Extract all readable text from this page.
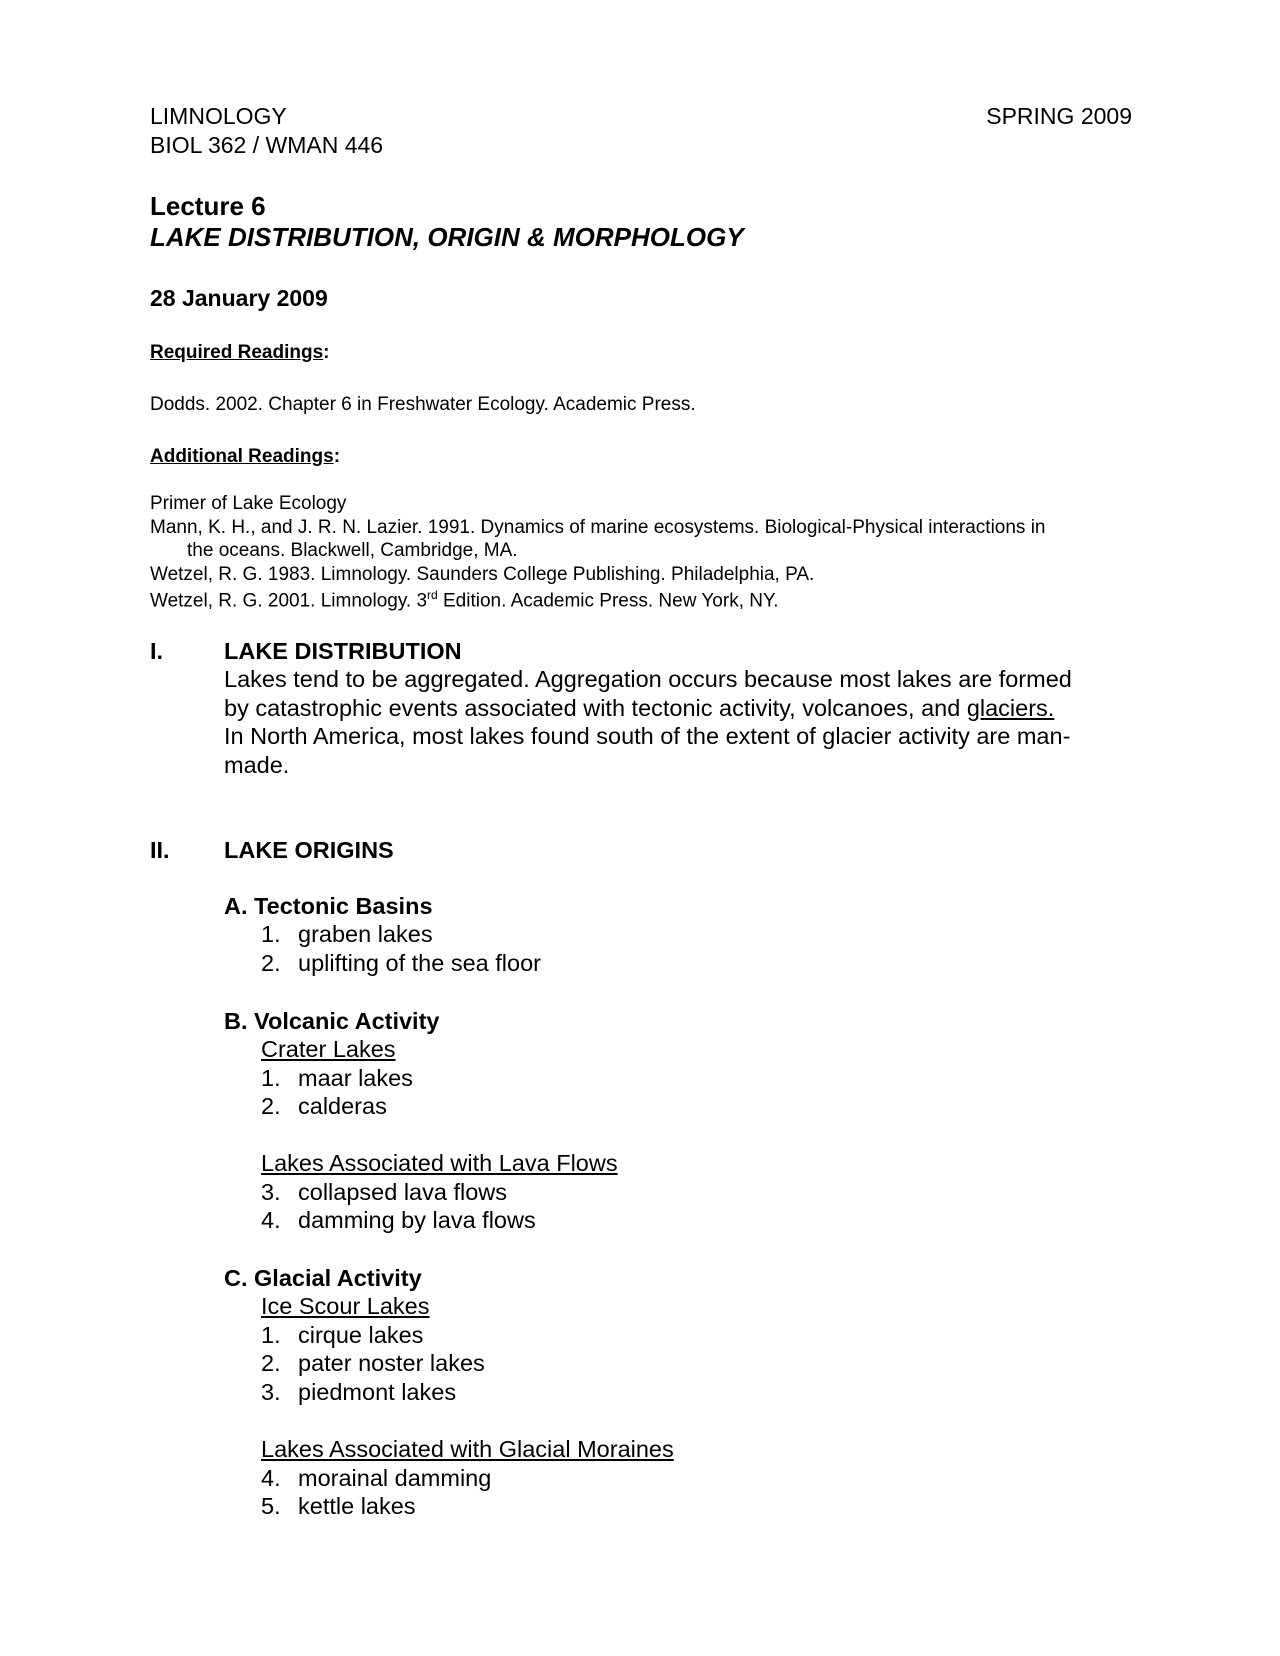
LIMNOLOGY	SPRING 2009
BIOL 362 / WMAN 446
Lecture 6
LAKE DISTRIBUTION, ORIGIN & MORPHOLOGY
28 January 2009
Required Readings:
Dodds. 2002. Chapter 6 in Freshwater Ecology. Academic Press.
Additional Readings:
Primer of Lake Ecology
Mann, K. H., and J. R. N. Lazier. 1991. Dynamics of marine ecosystems. Biological-Physical interactions in
the oceans. Blackwell, Cambridge, MA.
Wetzel, R. G. 1983. Limnology. Saunders College Publishing. Philadelphia, PA.
Wetzel, R. G. 2001. Limnology. 3rd Edition. Academic Press. New York, NY.
I.	LAKE DISTRIBUTION
Lakes tend to be aggregated. Aggregation occurs because most lakes are formed
by catastrophic events associated with tectonic activity, volcanoes, and glaciers.
In North America, most lakes found south of the extent of glacier activity are man-
made.
II. LAKE ORIGINS
A. Tectonic Basins
1. graben lakes
2. uplifting of the sea floor
B. Volcanic Activity
Crater Lakes
1. maar lakes
2. calderas
Lakes Associated with Lava Flows
3. collapsed lava flows
4. damming by lava flows
C. Glacial Activity
Ice Scour Lakes
1. cirque lakes
2. pater noster lakes
3. piedmont lakes
Lakes Associated with Glacial Moraines
4. morainal damming
5. kettle lakes
